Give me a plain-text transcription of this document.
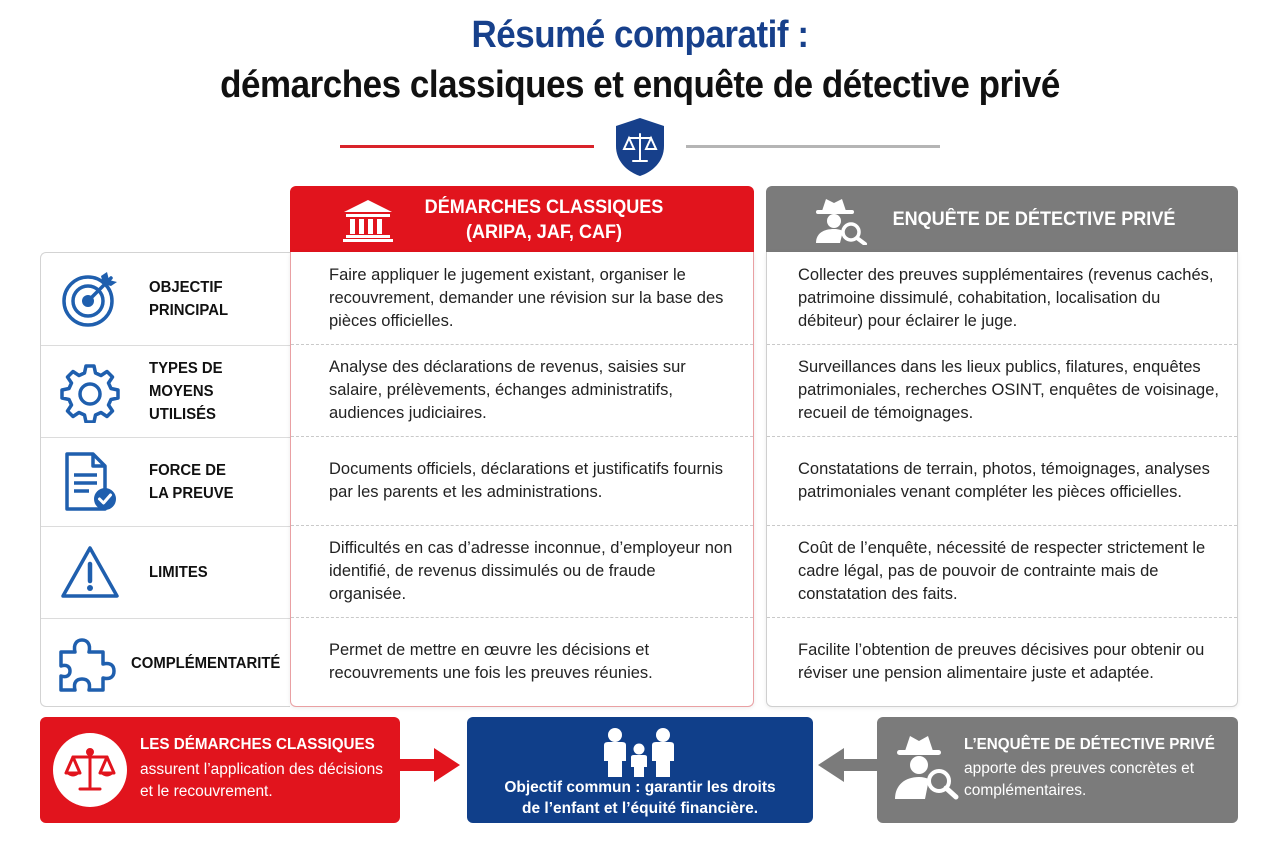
Résumé comparatif :
démarches classiques et enquête de détective privé
DÉMARCHES CLASSIQUES
(ARIPA, JAF, CAF)
ENQUÊTE DE DÉTECTIVE PRIVÉ
OBJECTIF
PRINCIPAL
TYPES DE MOYENS
UTILISÉS
FORCE DE
LA PREUVE
LIMITES
COMPLÉMENTARITÉ
Faire appliquer le jugement existant, organiser le recouvrement, demander une révision sur la base des pièces officielles.
Analyse des déclarations de revenus, saisies sur salaire, prélèvements, échanges administratifs, audiences judiciaires.
Documents officiels, déclarations et justificatifs fournis par les parents et les administrations.
Difficultés en cas d’adresse inconnue, d’employeur non identifié, de revenus dissimulés ou de fraude organisée.
Permet de mettre en œuvre les décisions et recouvrements une fois les preuves réunies.
Collecter des preuves supplémentaires (revenus cachés, patrimoine dissimulé, cohabitation, localisation du débiteur) pour éclairer le juge.
Surveillances dans les lieux publics, filatures, enquêtes patrimoniales, recherches OSINT, enquêtes de voisinage, recueil de témoignages.
Constatations de terrain, photos, témoignages, analyses patrimoniales venant compléter les pièces officielles.
Coût de l’enquête, nécessité de respecter strictement le cadre légal, pas de pouvoir de contrainte mais de constatation des faits.
Facilite l’obtention de preuves décisives pour obtenir ou réviser une pension alimentaire juste et adaptée.
LES DÉMARCHES CLASSIQUES
assurent l’application des décisions et le recouvrement.	Objectif commun : garantir les droits
de l’enfant et l’équité financière.
L’ENQUÊTE DE DÉTECTIVE PRIVÉ
apporte des preuves concrètes et complémentaires.
